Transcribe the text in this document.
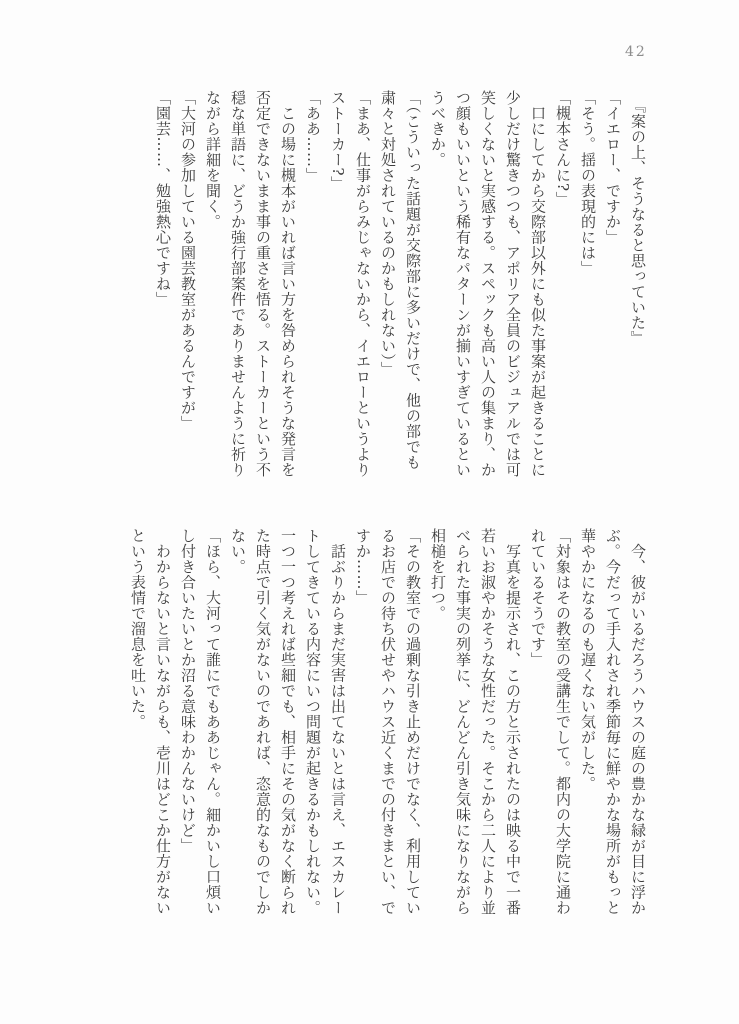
42

　『案の上、そうなると思っていた』

「イエロー、ですか」

「そう。揺の表現的には」

「槻本さんに?」

　口にしてから交際部以外にも似た事案が起きることに

少しだけ驚きつつも、アポリア全員のビジュアルでは可

笑しくないと実感する。スペックも高い人の集まり、か

つ顔もいいという稀有なパターンが揃いすぎているとい

うべきか。

「（こういった話題が交際部に多いだけで、他の部でも

粛々と対処されているのかもしれない）」

「まあ、仕事がらみじゃないから、イエローというより

ストーカー?」

「ああ……」

　この場に槻本がいれば言い方を咎められそうな発言を

否定できないまま事の重さを悟る。ストーカーという不

穏な単語に、どうか強行部案件でありませんように祈り

ながら詳細を聞く。

「大河の参加している園芸教室があるんですが」

「園芸……、勉強熱心ですね」

　今、彼がいるだろうハウスの庭の豊かな緑が目に浮か

ぶ。今だって手入れされ季節毎に鮮やかな場所がもっと

華やかになるのも遅くない気がした。

「対象はその教室の受講生でして。都内の大学院に通わ

れているそうです」

　写真を提示され、この方と示されたのは映る中で一番

若いお淑やかそうな女性だった。そこから二人により並

べられた事実の列挙に、どんどん引き気味になりながら

相槌を打つ。

「その教室での過剰な引き止めだけでなく、利用してい

るお店での待ち伏せやハウス近くまでの付きまとい、で

すか……」

　話ぶりからまだ実害は出てないとは言え、エスカレー

トしてきている内容にいつ問題が起きるかもしれない。

一つ一つ考えれば些細でも、相手にその気がなく断られ

た時点で引く気がないのであれば、恣意的なものでしか

ない。

「ほら、大河って誰にでもああじゃん。細かいし口煩い

し付き合いたいとか沼る意味わかんないけど」

　わからないと言いながらも、壱川はどこか仕方がない

という表情で溜息を吐いた。
